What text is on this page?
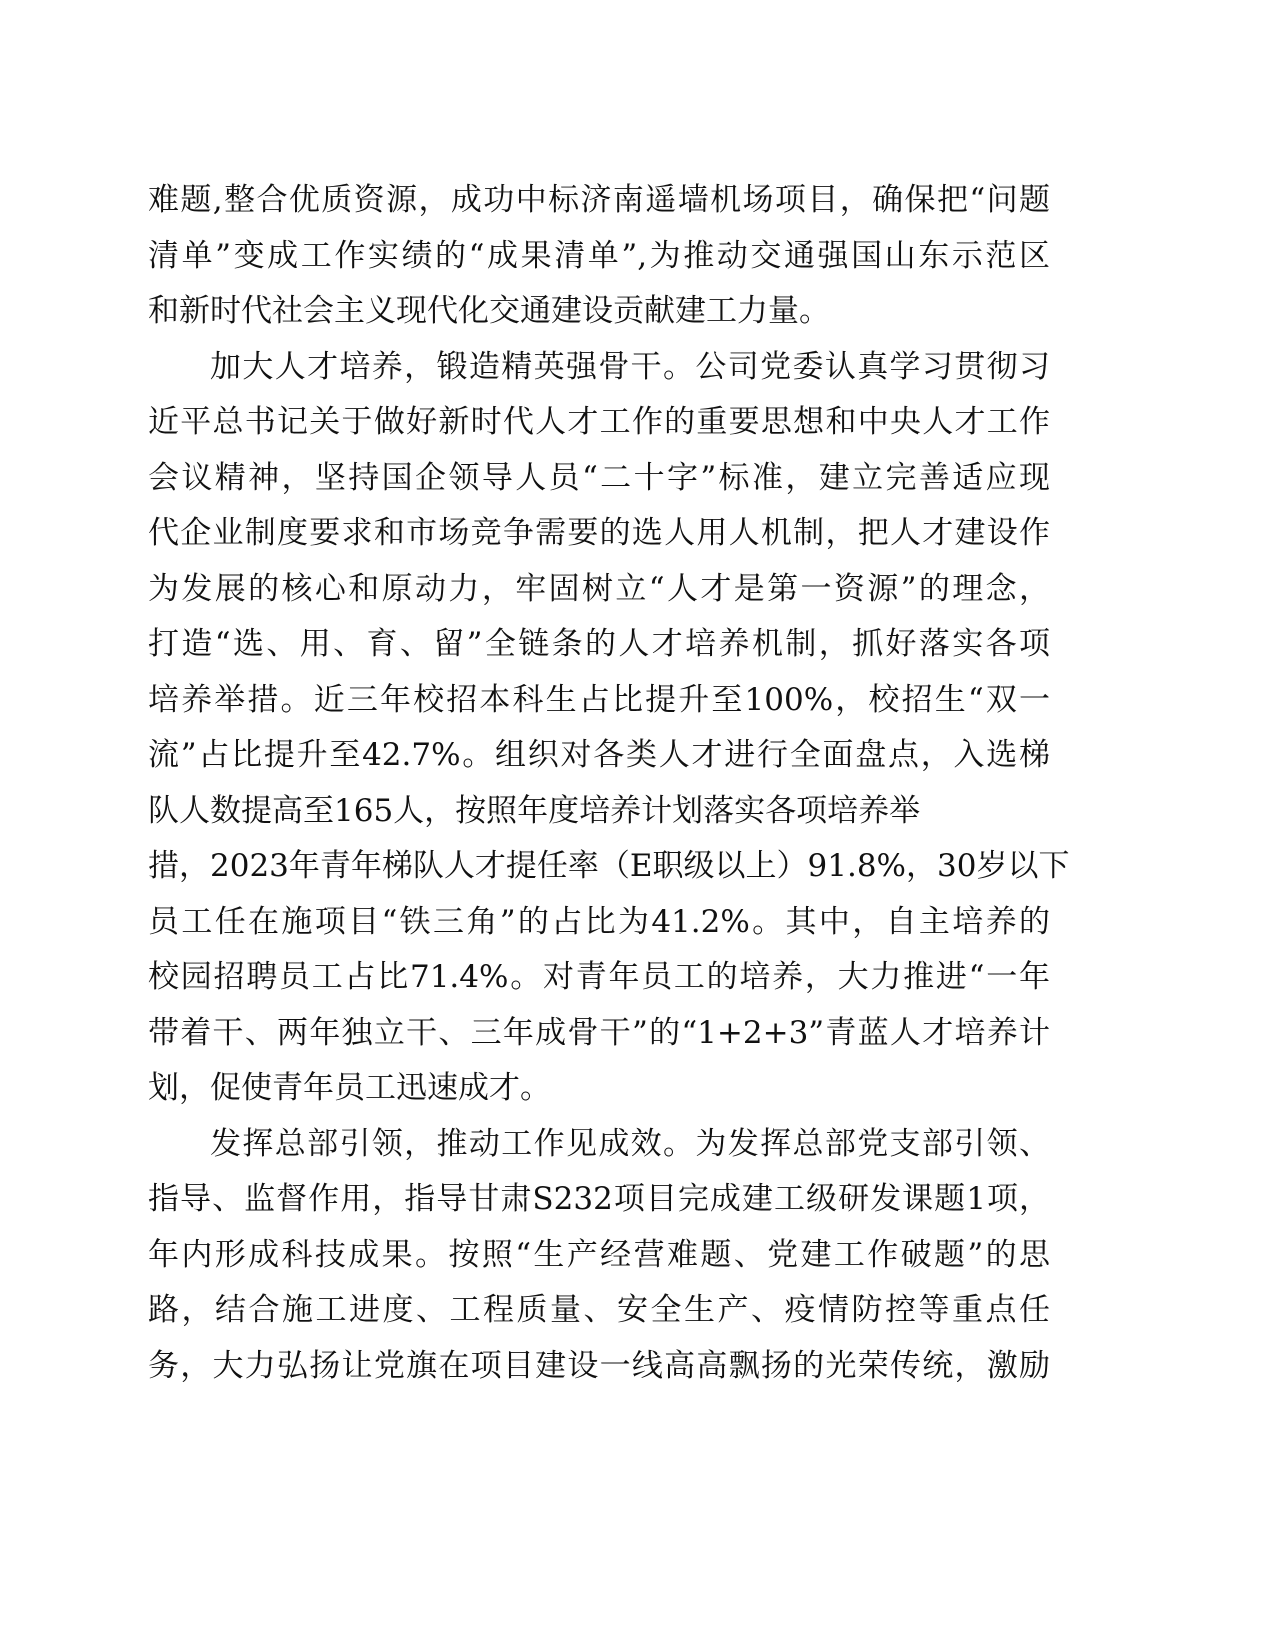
难题,整合优质资源，成功中标济南遥墙机场项目，确保把“问题
清单”变成工作实绩的“成果清单”,为推动交通强国山东示范区
和新时代社会主义现代化交通建设贡献建工力量。
加大人才培养，锻造精英强骨干。公司党委认真学习贯彻习
近平总书记关于做好新时代人才工作的重要思想和中央人才工作
会议精神，坚持国企领导人员“二十字”标准，建立完善适应现
代企业制度要求和市场竞争需要的选人用人机制，把人才建设作
为发展的核心和原动力，牢固树立“人才是第一资源”的理念，
打造“选、用、育、留”全链条的人才培养机制，抓好落实各项
培养举措。近三年校招本科生占比提升至100%，校招生“双一
流”占比提升至42.7%。组织对各类人才进行全面盘点，入选梯
队人数提高至165人，按照年度培养计划落实各项培养举
措，2023年青年梯队人才提任率（E职级以上）91.8%，30岁以下
员工任在施项目“铁三角”的占比为41.2%。其中，自主培养的
校园招聘员工占比71.4%。对青年员工的培养，大力推进“一年
带着干、两年独立干、三年成骨干”的“1+2+3”青蓝人才培养计
划，促使青年员工迅速成才。
发挥总部引领，推动工作见成效。为发挥总部党支部引领、
指导、监督作用，指导甘肃S232项目完成建工级研发课题1项，
年内形成科技成果。按照“生产经营难题、党建工作破题”的思
路，结合施工进度、工程质量、安全生产、疫情防控等重点任
务，大力弘扬让党旗在项目建设一线高高飘扬的光荣传统，激励
